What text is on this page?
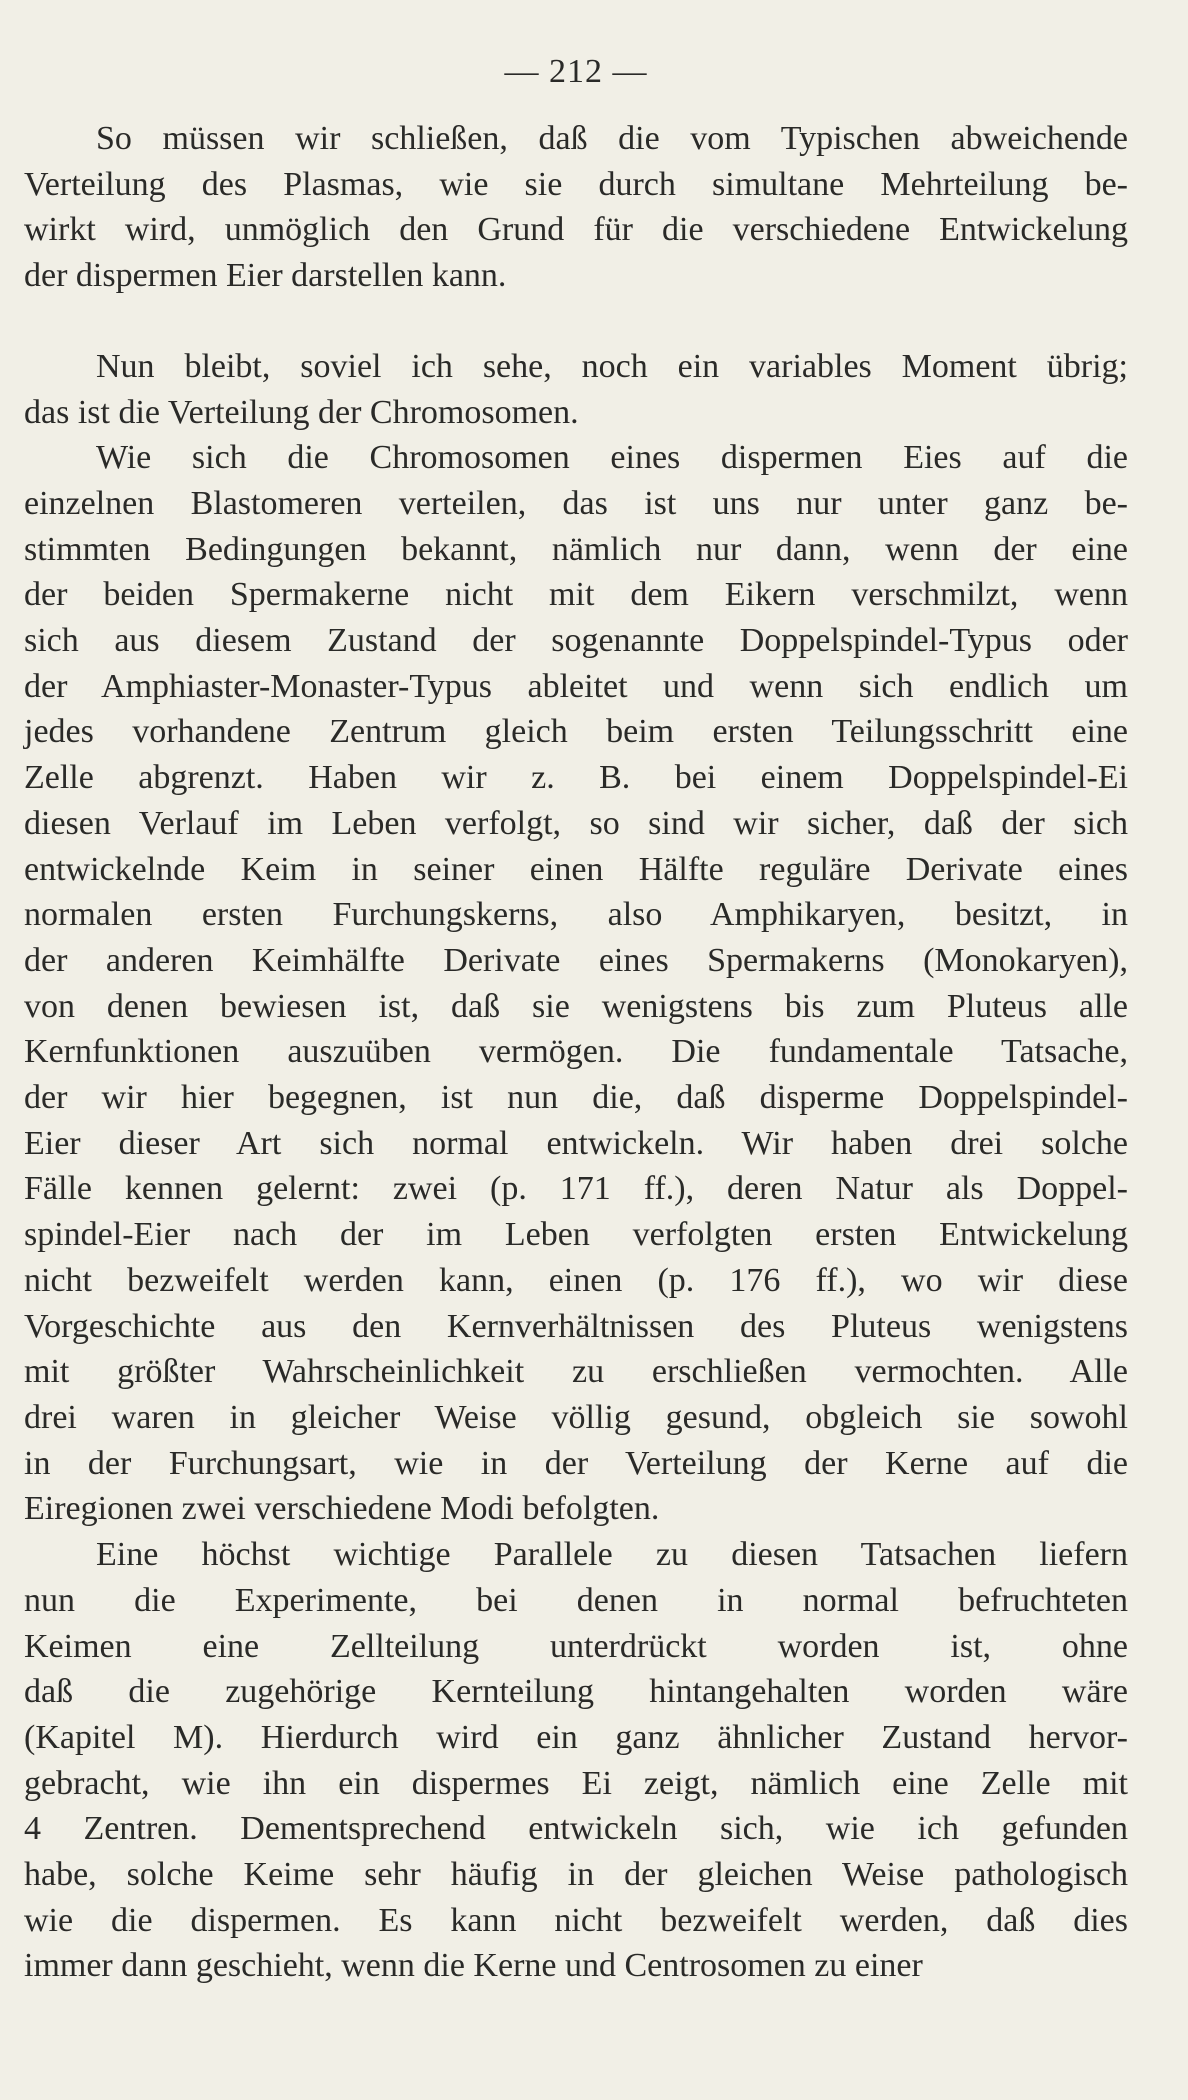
— 212 —
So müssen wir schließen, daß die vom Typischen abweichende
Verteilung des Plasmas, wie sie durch simultane Mehrteilung be-
wirkt wird, unmöglich den Grund für die verschiedene Entwickelung
der dispermen Eier darstellen kann.
Nun bleibt, soviel ich sehe, noch ein variables Moment übrig;
das ist die Verteilung der Chromosomen.
Wie sich die Chromosomen eines dispermen Eies auf die
einzelnen Blastomeren verteilen, das ist uns nur unter ganz be-
stimmten Bedingungen bekannt, nämlich nur dann, wenn der eine
der beiden Spermakerne nicht mit dem Eikern verschmilzt, wenn
sich aus diesem Zustand der sogenannte Doppelspindel-Typus oder
der Amphiaster-Monaster-Typus ableitet und wenn sich endlich um
jedes vorhandene Zentrum gleich beim ersten Teilungsschritt eine
Zelle abgrenzt. Haben wir z. B. bei einem Doppelspindel-Ei
diesen Verlauf im Leben verfolgt, so sind wir sicher, daß der sich
entwickelnde Keim in seiner einen Hälfte reguläre Derivate eines
normalen ersten Furchungskerns, also Amphikaryen, besitzt, in
der anderen Keimhälfte Derivate eines Spermakerns (Monokaryen),
von denen bewiesen ist, daß sie wenigstens bis zum Pluteus alle
Kernfunktionen auszuüben vermögen. Die fundamentale Tatsache,
der wir hier begegnen, ist nun die, daß disperme Doppelspindel-
Eier dieser Art sich normal entwickeln. Wir haben drei solche
Fälle kennen gelernt: zwei (p. 171 ff.), deren Natur als Doppel-
spindel-Eier nach der im Leben verfolgten ersten Entwickelung
nicht bezweifelt werden kann, einen (p. 176 ff.), wo wir diese
Vorgeschichte aus den Kernverhältnissen des Pluteus wenigstens
mit größter Wahrscheinlichkeit zu erschließen vermochten. Alle
drei waren in gleicher Weise völlig gesund, obgleich sie sowohl
in der Furchungsart, wie in der Verteilung der Kerne auf die
Eiregionen zwei verschiedene Modi befolgten.
Eine höchst wichtige Parallele zu diesen Tatsachen liefern
nun die Experimente, bei denen in normal befruchteten
Keimen eine Zellteilung unterdrückt worden ist, ohne
daß die zugehörige Kernteilung hintangehalten worden wäre
(Kapitel M). Hierdurch wird ein ganz ähnlicher Zustand hervor-
gebracht, wie ihn ein dispermes Ei zeigt, nämlich eine Zelle mit
4 Zentren. Dementsprechend entwickeln sich, wie ich gefunden
habe, solche Keime sehr häufig in der gleichen Weise pathologisch
wie die dispermen. Es kann nicht bezweifelt werden, daß dies
immer dann geschieht, wenn die Kerne und Centrosomen zu einer
